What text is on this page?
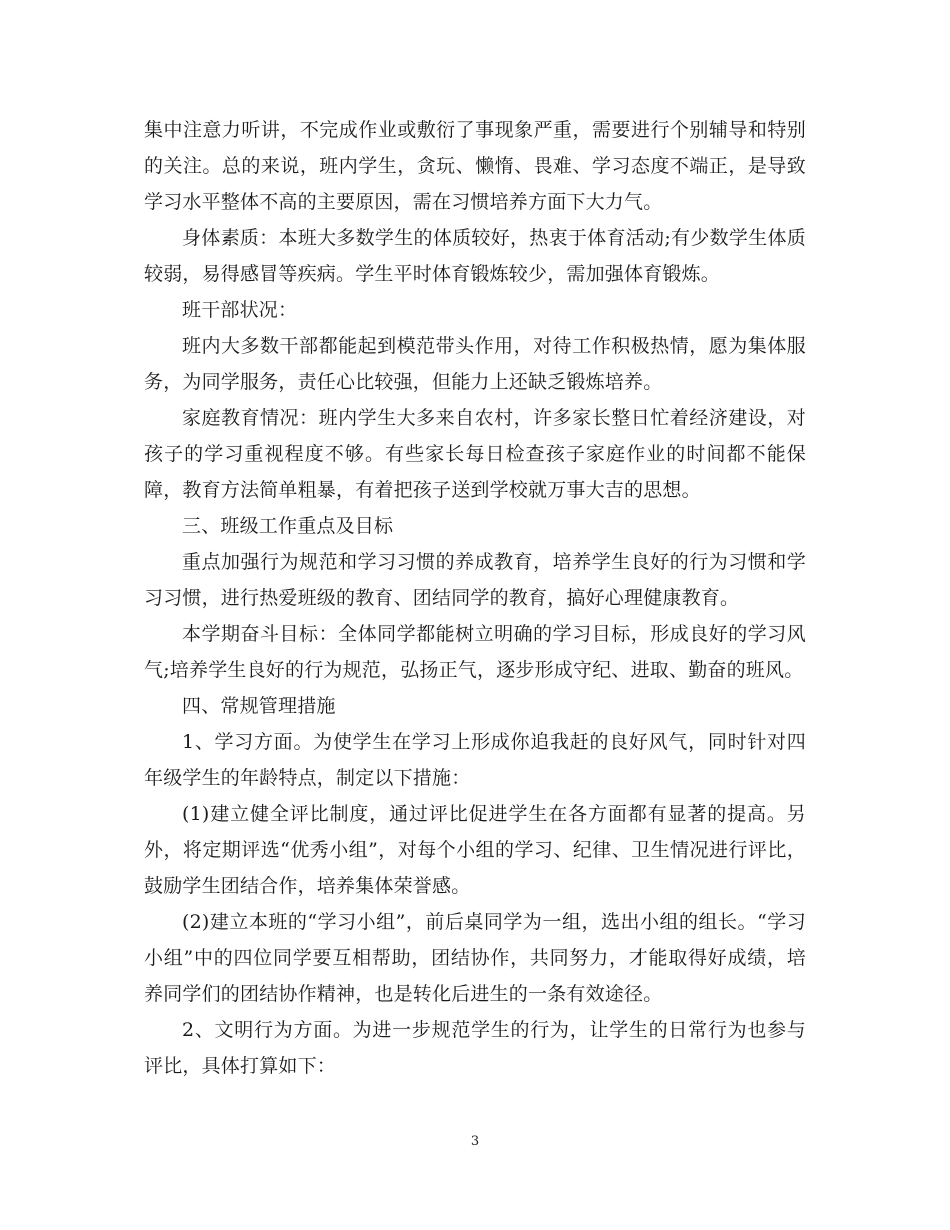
集中注意力听讲，不完成作业或敷衍了事现象严重，需要进行个别辅导和特别的关注。总的来说，班内学生，贪玩、懒惰、畏难、学习态度不端正，是导致学习水平整体不高的主要原因，需在习惯培养方面下大力气。

身体素质：本班大多数学生的体质较好，热衷于体育活动;有少数学生体质较弱，易得感冒等疾病。学生平时体育锻炼较少，需加强体育锻炼。

班干部状况：

班内大多数干部都能起到模范带头作用，对待工作积极热情，愿为集体服务，为同学服务，责任心比较强，但能力上还缺乏锻炼培养。

家庭教育情况：班内学生大多来自农村，许多家长整日忙着经济建设，对孩子的学习重视程度不够。有些家长每日检查孩子家庭作业的时间都不能保障，教育方法简单粗暴，有着把孩子送到学校就万事大吉的思想。

三、班级工作重点及目标

重点加强行为规范和学习习惯的养成教育，培养学生良好的行为习惯和学习习惯，进行热爱班级的教育、团结同学的教育，搞好心理健康教育。

本学期奋斗目标：全体同学都能树立明确的学习目标，形成良好的学习风气;培养学生良好的行为规范，弘扬正气，逐步形成守纪、进取、勤奋的班风。

四、常规管理措施

1、学习方面。为使学生在学习上形成你追我赶的良好风气，同时针对四年级学生的年龄特点，制定以下措施：

(1)建立健全评比制度，通过评比促进学生在各方面都有显著的提高。另外，将定期评选“优秀小组”，对每个小组的学习、纪律、卫生情况进行评比，鼓励学生团结合作，培养集体荣誉感。

(2)建立本班的“学习小组”，前后桌同学为一组，选出小组的组长。“学习小组”中的四位同学要互相帮助，团结协作，共同努力，才能取得好成绩，培养同学们的团结协作精神，也是转化后进生的一条有效途径。

2、文明行为方面。为进一步规范学生的行为，让学生的日常行为也参与评比，具体打算如下：

3
